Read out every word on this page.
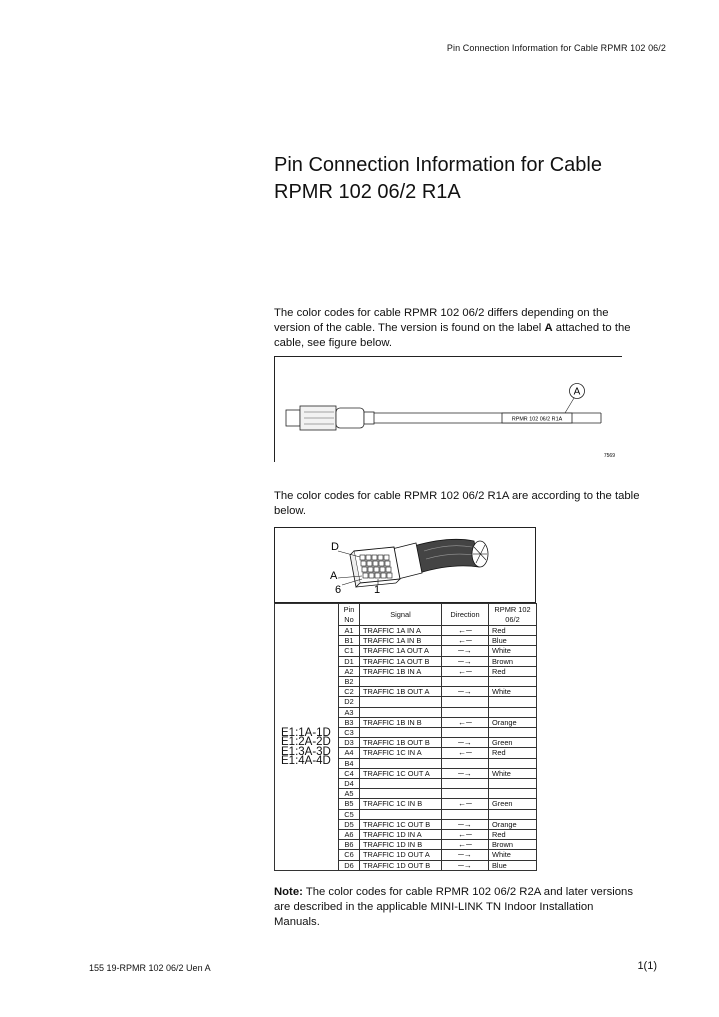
Pin Connection Information for Cable RPMR 102 06/2
Pin Connection Information for Cable
RPMR 102 06/2 R1A
The color codes for cable RPMR 102 06/2 differs depending on the version of the cable. The version is found on the label A attached to the cable, see figure below.
RPMR 102 06/2 R1A
A
7569
The color codes for cable RPMR 102 06/2 R1A are according to the table below.
D
A
6	1
	Pin No	Signal	Direction	RPMR 102 06/2

E1:1A-1D
E1:2A-2D
E1:3A-3D
E1:4A-4D	A1	TRAFFIC 1A IN A	←─	Red
	B1	TRAFFIC 1A IN B	←─	Blue
	C1	TRAFFIC 1A OUT A	─→	White
	D1	TRAFFIC 1A OUT B	─→	Brown
	A2	TRAFFIC 1B IN A	←─	Red
	B2			
	C2	TRAFFIC 1B OUT A	─→	White
	D2			
	A3			
	B3	TRAFFIC 1B IN B	←─	Orange
	C3			
	D3	TRAFFIC 1B OUT B	─→	Green
	A4	TRAFFIC 1C IN A	←─	Red
	B4			
	C4	TRAFFIC 1C OUT A	─→	White
	D4			
	A5			
	B5	TRAFFIC 1C IN B	←─	Green
	C5			
	D5	TRAFFIC 1C OUT B	─→	Orange
	A6	TRAFFIC 1D IN A	←─	Red
	B6	TRAFFIC 1D IN B	←─	Brown
	C6	TRAFFIC 1D OUT A	─→	White
	D6	TRAFFIC 1D OUT B	─→	Blue
Note: The color codes for cable RPMR 102 06/2 R2A and later versions are described in the applicable MINI-LINK TN Indoor Installation Manuals.
155 19-RPMR 102 06/2 Uen A	1(1)
